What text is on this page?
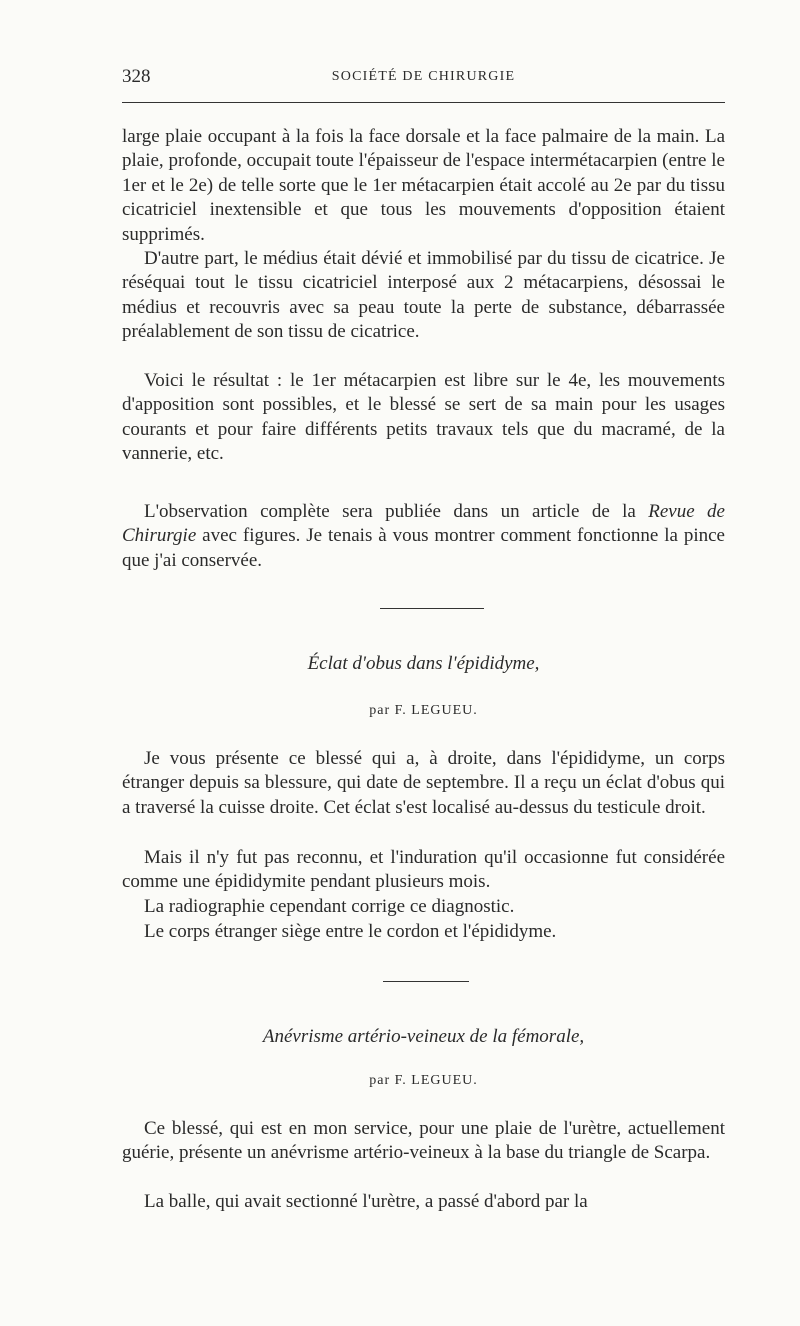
328	SOCIÉTÉ DE CHIRURGIE

large plaie occupant à la fois la face dorsale et la face palmaire de la main. La plaie, profonde, occupait toute l'épaisseur de l'espace intermétacarpien (entre le 1er et le 2e) de telle sorte que le 1er métacarpien était accolé au 2e par du tissu cicatriciel inextensible et que tous les mouvements d'opposition étaient supprimés.

D'autre part, le médius était dévié et immobilisé par du tissu de cicatrice. Je réséquai tout le tissu cicatriciel interposé aux 2 métacarpiens, désossai le médius et recouvris avec sa peau toute la perte de substance, débarrassée préalablement de son tissu de cicatrice.

Voici le résultat : le 1er métacarpien est libre sur le 4e, les mouvements d'apposition sont possibles, et le blessé se sert de sa main pour les usages courants et pour faire différents petits travaux tels que du macramé, de la vannerie, etc.

L'observation complète sera publiée dans un article de la Revue de Chirurgie avec figures. Je tenais à vous montrer comment fonctionne la pince que j'ai conservée.

Éclat d'obus dans l'épididyme,

par F. LEGUEU.

Je vous présente ce blessé qui a, à droite, dans l'épididyme, un corps étranger depuis sa blessure, qui date de septembre. Il a reçu un éclat d'obus qui a traversé la cuisse droite. Cet éclat s'est localisé au-dessus du testicule droit.

Mais il n'y fut pas reconnu, et l'induration qu'il occasionne fut considérée comme une épididymite pendant plusieurs mois.

La radiographie cependant corrige ce diagnostic.

Le corps étranger siège entre le cordon et l'épididyme.

Anévrisme artério-veineux de la fémorale,

par F. LEGUEU.

Ce blessé, qui est en mon service, pour une plaie de l'urètre, actuellement guérie, présente un anévrisme artério-veineux à la base du triangle de Scarpa.

La balle, qui avait sectionné l'urètre, a passé d'abord par la
